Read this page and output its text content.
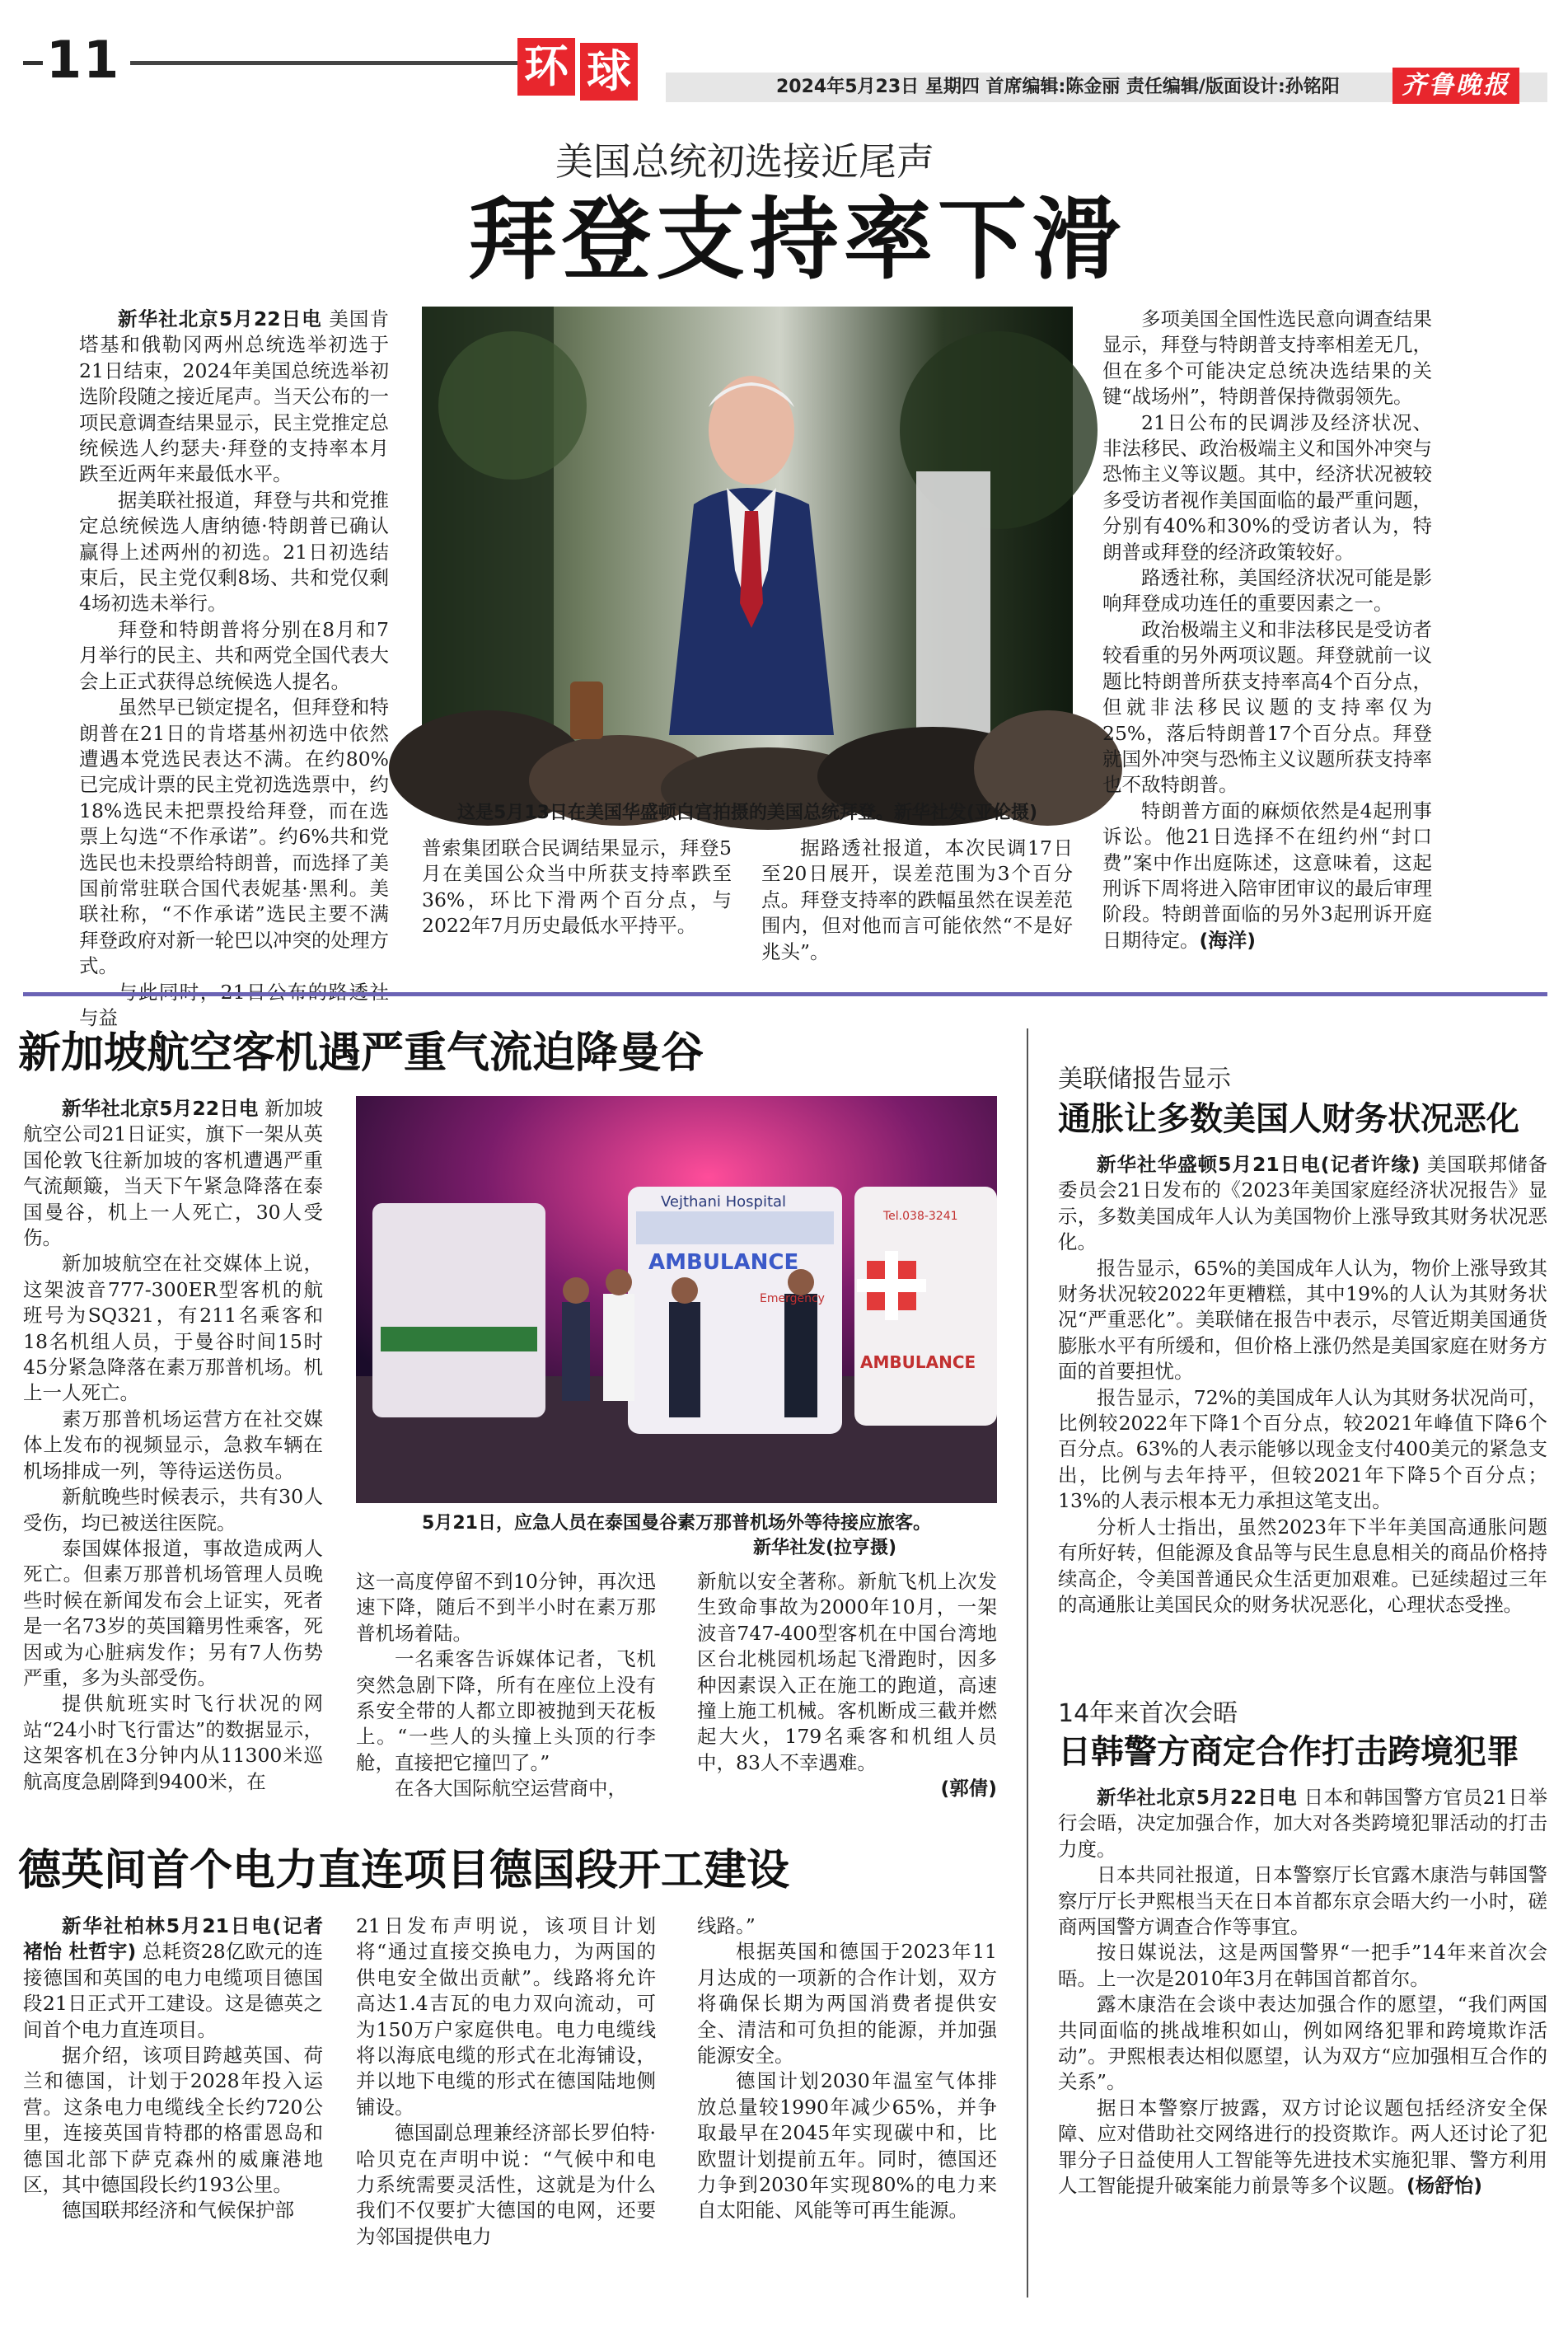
11	环 球	2024年5月23日 星期四 首席编辑:陈金丽 责任编辑/版面设计:孙铭阳	齐鲁晚报
美国总统初选接近尾声
拜登支持率下滑

新华社北京5月22日电 美国肯塔基和俄勒冈两州总统选举初选于21日结束，2024年美国总统选举初选阶段随之接近尾声。当天公布的一项民意调查结果显示，民主党推定总统候选人约瑟夫·拜登的支持率本月跌至近两年来最低水平。

据美联社报道，拜登与共和党推定总统候选人唐纳德·特朗普已确认赢得上述两州的初选。21日初选结束后，民主党仅剩8场、共和党仅剩4场初选未举行。

拜登和特朗普将分别在8月和7月举行的民主、共和两党全国代表大会上正式获得总统候选人提名。

虽然早已锁定提名，但拜登和特朗普在21日的肯塔基州初选中依然遭遇本党选民表达不满。在约80%已完成计票的民主党初选选票中，约18%选民未把票投给拜登，而在选票上勾选“不作承诺”。约6%共和党选民也未投票给特朗普，而选择了美国前常驻联合国代表妮基·黑利。美联社称，“不作承诺”选民主要不满拜登政府对新一轮巴以冲突的处理方式。

与益

这是5月13日在美国华盛顿白宫拍摄的美国总统拜登。新华社发(亚伦摄)

普索集团联合民调结果显示，拜登5月在美国公众当中所获支持率跌至36%，环比下滑两个百分点，与2022年7月历史最低水平持平。

据路透社报道，本次民调17日至20日展开，误差范围为3个百分点。拜登支持率的跌幅虽然在误差范围内，但对他而言可能依然“不是好兆头”。

多项美国全国性选民意向调查结果显示，拜登与特朗普支持率相差无几，但在多个可能决定总统决选结果的关键“战场州”，特朗普保持微弱领先。

21日公布的民调涉及经济状况、非法移民、政治极端主义和国外冲突与恐怖主义等议题。其中，经济状况被较多受访者视作美国面临的最严重问题，分别有40%和30%的受访者认为，特朗普或拜登的经济政策较好。

路透社称，美国经济状况可能是影响拜登成功连任的重要因素之一。

政治极端主义和非法移民是受访者较看重的另外两项议题。拜登就前一议题比特朗普所获支持率高4个百分点，但就非法移民议题的支持率仅为25%，落后特朗普17个百分点。拜登就国外冲突与恐怖主义议题所获支持率也不敌特朗普。

特朗普方面的麻烦依然是4起刑事诉讼。他21日选择不在纽约州“封口费”案中作出庭陈述，这意味着，这起刑诉下周将进入陪审团审议的最后审理阶段。特朗普面临的另外3起刑诉开庭日期待定。(海洋)

新加坡航空客机遇严重气流迫降曼谷

新华社北京5月22日电 新加坡航空公司21日证实，旗下一架从英国伦敦飞往新加坡的客机遭遇严重气流颠簸，当天下午紧急降落在泰国曼谷，机上一人死亡，30人受伤。

新加坡航空在社交媒体上说，这架波音777-300ER型客机的航班号为SQ321，有211名乘客和18名机组人员，于曼谷时间15时45分紧急降落在素万那普机场。机上一人死亡。

素万那普机场运营方在社交媒体上发布的视频显示，急救车辆在机场排成一列，等待运送伤员。

新航晚些时候表示，共有30人受伤，均已被送往医院。

泰国媒体报道，事故造成两人死亡。但素万那普机场管理人员晚些时候在新闻发布会上证实，死者是一名73岁的英国籍男性乘客，死因或为心脏病发作；另有7人伤势严重，多为头部受伤。

提供航班实时飞行状况的网站“24小时飞行雷达”的数据显示，这架客机在3分钟内从11300米巡航高度急剧降到9400米，在

Vejthani Hospital
AMBULANCE
Emergency
Tel.038-3241
AMBULANCE
5月21日，应急人员在泰国曼谷素万那普机场外等待接应旅客。
新华社发(拉亨摄)

这一高度停留不到10分钟，再次迅速下降，随后不到半小时在素万那普机场着陆。

一名乘客告诉媒体记者，飞机突然急剧下降，所有在座位上没有系安全带的人都立即被抛到天花板上。“一些人的头撞上头顶的行李舱，直接把它撞凹了。”

在各大国际航空运营商中，

新航以安全著称。新航飞机上次发生致命事故为2000年10月，一架波音747-400型客机在中国台湾地区台北桃园机场起飞滑跑时，因多种因素误入正在施工的跑道，高速撞上施工机械。客机断成三截并燃起大火，179名乘客和机组人员中，83人不幸遇难。

(郭倩)

德英间首个电力直连项目德国段开工建设

新华社柏林5月21日电(记者褚怡 杜哲宇) 总耗资28亿欧元的连接德国和英国的电力电缆项目德国段21日正式开工建设。这是德英之间首个电力直连项目。

据介绍，该项目跨越英国、荷兰和德国，计划于2028年投入运营。这条电力电缆线全长约720公里，连接英国肯特郡的格雷恩岛和德国北部下萨克森州的威廉港地区，其中德国段长约193公里。

德国联邦经济和气候保护部

21日发布声明说，该项目计划将“通过直接交换电力，为两国的供电安全做出贡献”。线路将允许高达1.4吉瓦的电力双向流动，可为150万户家庭供电。电力电缆线将以海底电缆的形式在北海铺设，并以地下电缆的形式在德国陆地侧铺设。

德国副总理兼经济部长罗伯特·哈贝克在声明中说：“气候中和电力系统需要灵活性，这就是为什么我们不仅要扩大德国的电网，还要为邻国提供电力

线路。”

根据英国和德国于2023年11月达成的一项新的合作计划，双方将确保长期为两国消费者提供安全、清洁和可负担的能源，并加强能源安全。

德国计划2030年温室气体排放总量较1990年减少65%，并争取最早在2045年实现碳中和，比欧盟计划提前五年。同时，德国还力争到2030年实现80%的电力来自太阳能、风能等可再生能源。

美联储报告显示
通胀让多数美国人财务状况恶化

新华社华盛顿5月21日电(记者许缘) 美国联邦储备委员会21日发布的《2023年美国家庭经济状况报告》显示，多数美国成年人认为美国物价上涨导致其财务状况恶化。

报告显示，65%的美国成年人认为，物价上涨导致其财务状况较2022年更糟糕，其中19%的人认为其财务状况“严重恶化”。美联储在报告中表示，尽管近期美国通货膨胀水平有所缓和，但价格上涨仍然是美国家庭在财务方面的首要担忧。

报告显示，72%的美国成年人认为其财务状况尚可，比例较2022年下降1个百分点，较2021年峰值下降6个百分点。63%的人表示能够以现金支付400美元的紧急支出，比例与去年持平，但较2021年下降5个百分点；13%的人表示根本无力承担这笔支出。

分析人士指出，虽然2023年下半年美国高通胀问题有所好转，但能源及食品等与民生息息相关的商品价格持续高企，令美国普通民众生活更加艰难。已延续超过三年的高通胀让美国民众的财务状况恶化，心理状态受挫。

14年来首次会晤
日韩警方商定合作打击跨境犯罪

新华社北京5月22日电 日本和韩国警方官员21日举行会晤，决定加强合作，加大对各类跨境犯罪活动的打击力度。

日本共同社报道，日本警察厅长官露木康浩与韩国警察厅厅长尹熙根当天在日本首都东京会晤大约一小时，磋商两国警方调查合作等事宜。

按日媒说法，这是两国警界“一把手”14年来首次会晤。上一次是2010年3月在韩国首都首尔。

露木康浩在会谈中表达加强合作的愿望，“我们两国共同面临的挑战堆积如山，例如网络犯罪和跨境欺诈活动”。尹熙根表达相似愿望，认为双方“应加强相互合作的关系”。

据日本警察厅披露，双方讨论议题包括经济安全保障、应对借助社交网络进行的投资欺诈。两人还讨论了犯罪分子日益使用人工智能等先进技术实施犯罪、警方利用人工智能提升破案能力前景等多个议题。(杨舒怡)
